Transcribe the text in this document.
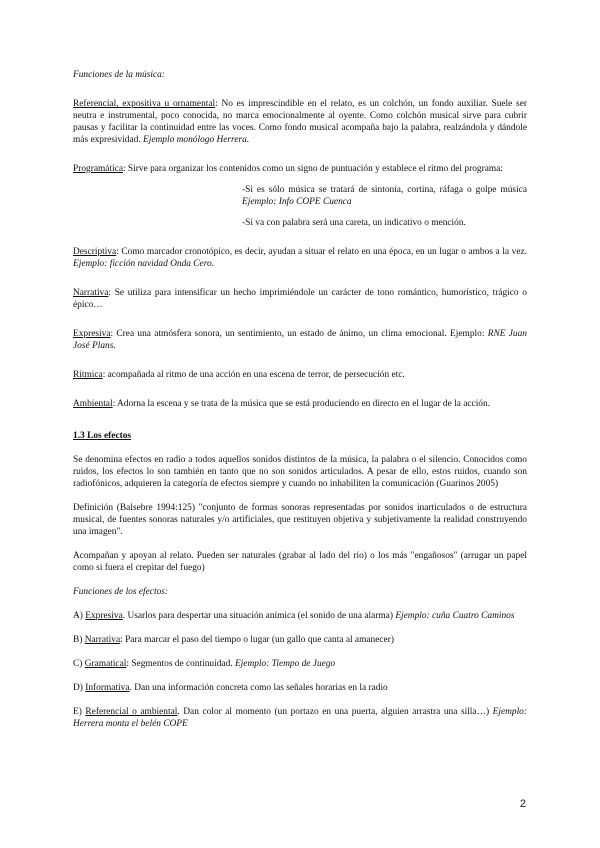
Funciones de la música:

Referencial, expositiva u ornamental: No es imprescindible en el relato, es un colchón, un fondo auxiliar. Suele ser neutra e instrumental, poco conocida, no marca emocionalmente al oyente. Como colchón musical sirve para cubrir pausas y facilitar la continuidad entre las voces. Como fondo musical acompaña bajo la palabra, realzándola y dándole más expresividad. Ejemplo monólogo Herrera.

Programática: Sirve para organizar los contenidos como un signo de puntuación y establece el ritmo del programa:

-Si es sólo música se tratará de sintonía, cortina, ráfaga o golpe música Ejemplo: Info COPE Cuenca

-Si va con palabra será una careta, un indicativo o mención.

Descriptiva: Como marcador cronotópico, es decir, ayudan a situar el relato en una época, en un lugar o ambos a la vez. Ejemplo: ficción navidad Onda Cero.

Narrativa: Se utiliza para intensificar un hecho imprimiéndole un carácter de tono romántico, humorístico, trágico o épico…

Expresiva: Crea una atmósfera sonora, un sentimiento, un estado de ánimo, un clima emocional. Ejemplo: RNE Juan José Plans.

Rítmica: acompañada al ritmo de una acción en una escena de terror, de persecución etc.

Ambiental: Adorna la escena y se trata de la música que se está produciendo en directo en el lugar de la acción.

1.3 Los efectos

Se denomina efectos en radio a todos aquellos sonidos distintos de la música, la palabra o el silencio. Conocidos como ruidos, los efectos lo son también en tanto que no son sonidos articulados. A pesar de ello, estos ruidos, cuando son radiofónicos, adquieren la categoría de efectos siempre y cuando no inhabiliten la comunicación (Guarinos 2005)

Definición (Balsebre 1994:125) "conjunto de formas sonoras representadas por sonidos inarticulados o de estructura musical, de fuentes sonoras naturales y/o artificiales, que restituyen objetiva y subjetivamente la realidad construyendo una imagen".

Acompañan y apoyan al relato. Pueden ser naturales (grabar al lado del río) o los más "engañosos" (arrugar un papel como si fuera el crepitar del fuego)

Funciones de los efectos:

A) Expresiva. Usarlos para despertar una situación anímica (el sonido de una alarma) Ejemplo: cuña Cuatro Caminos

B) Narrativa: Para marcar el paso del tiempo o lugar (un gallo que canta al amanecer)

C) Gramatical: Segmentos de continuidad. Ejemplo: Tiempo de Juego

D) Informativa. Dan una información concreta como las señales horarias en la radio

E) Referencial o ambiental. Dan color al momento (un portazo en una puerta, alguien arrastra una silla…) Ejemplo: Herrera monta el belén COPE

2
